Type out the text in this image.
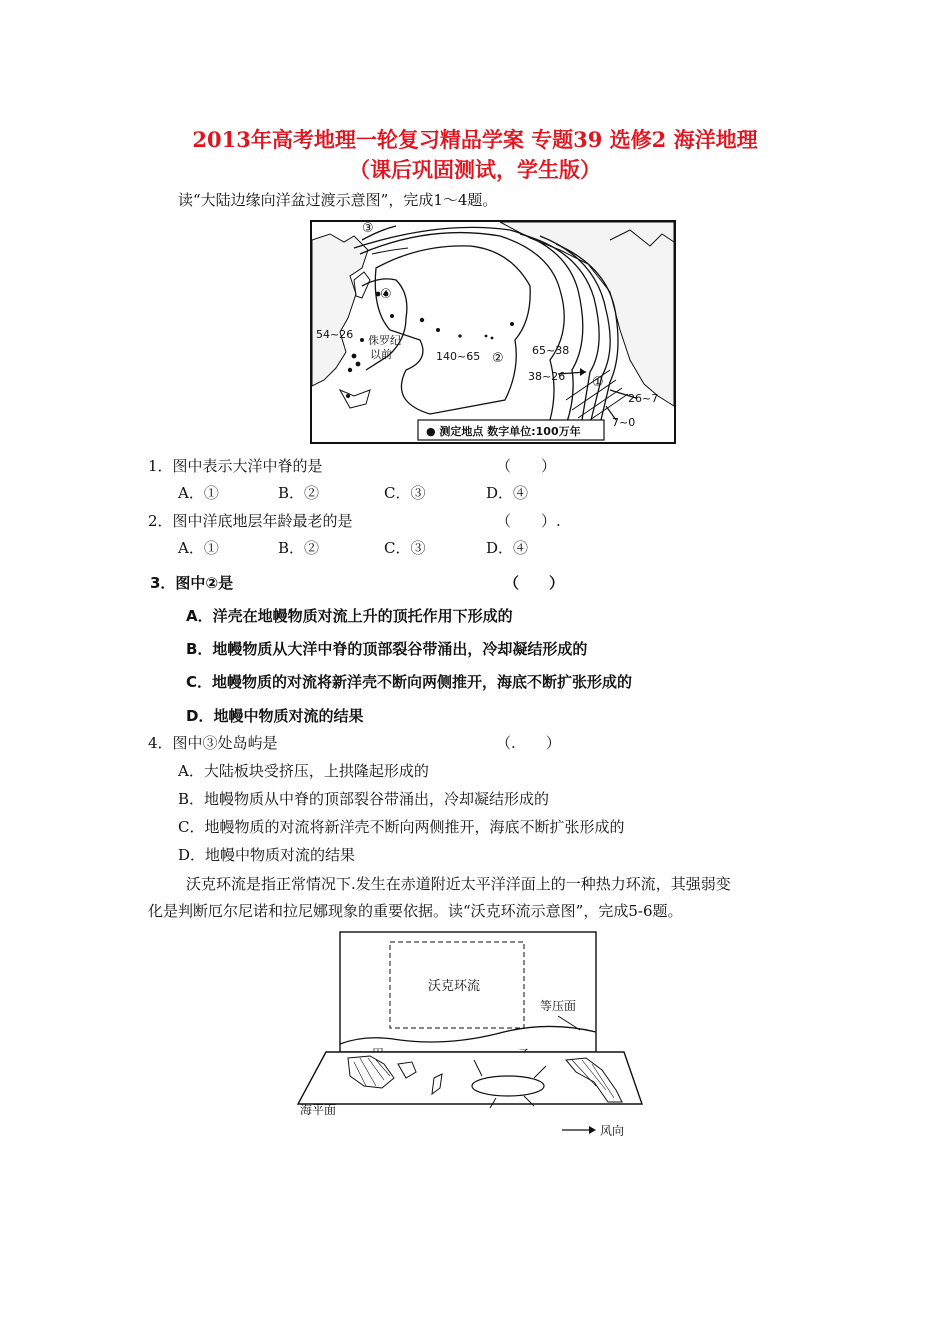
2013年高考地理一轮复习精品学案 专题39 选修2 海洋地理
（课后巩固测试，学生版）
读“大陆边缘向洋盆过渡示意图”，完成1～4题。
③
④
54~26 侏罗纪
以前	140~65 ②
65~38
38~26 ①
26~7
7~0
● 测定地点 数字单位:100万年
1．图中表示大洋中脊的是	（　　）
A．①	B．②	C．③	D．④
2．图中洋底地层年龄最老的是	（　　）.
A．①	B．②	C．③	D．④
3．图中②是	（　　）
A．洋壳在地幔物质对流上升的顶托作用下形成的
B．地幔物质从大洋中脊的顶部裂谷带涌出，冷却凝结形成的
C．地幔物质的对流将新洋壳不断向两侧推开，海底不断扩张形成的
D．地幔中物质对流的结果
4．图中③处岛屿是	（.　　）
A．大陆板块受挤压，上拱隆起形成的
B．地幔物质从中脊的顶部裂谷带涌出，冷却凝结形成的
C．地幔物质的对流将新洋壳不断向两侧推开，海底不断扩张形成的
D．地幔中物质对流的结果
沃克环流是指正常情况下.发生在赤道附近太平洋洋面上的一种热力环流，其强弱变
化是判断厄尔尼诺和拉尼娜现象的重要依据。读“沃克环流示意图”，完成5-6题。
沃克环流
等压面
海平面
风向
